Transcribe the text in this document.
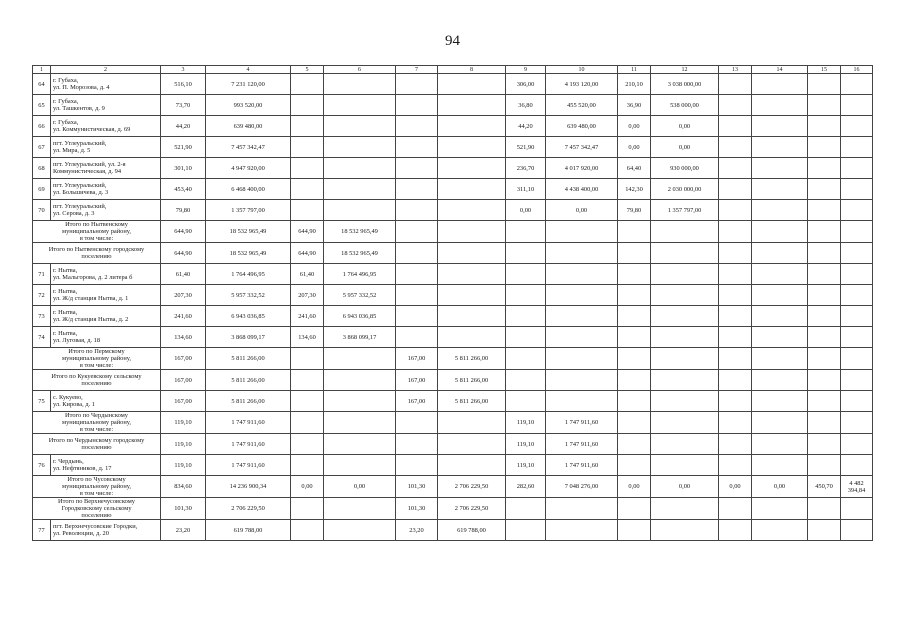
94
1	2	3	4	5	6	7	8	9	10	11	12	13	14	15	16
64	г. Губаха,
ул. П. Морозова, д. 4	516,10	7 231 120,00					306,00	4 193 120,00	210,10	3 038 000,00				
65	г. Губаха,
ул. Ташкентов, д. 9	73,70	993 520,00					36,80	455 520,00	36,90	538 000,00				
66	г. Губаха,
ул. Коммунистическая, д. 69	44,20	639 480,00					44,20	639 480,00	0,00	0,00				
67	пгт. Углеуральский,
ул. Мира, д. 5	521,90	7 457 342,47					521,90	7 457 342,47	0,00	0,00				
68	пгт. Углеуральский, ул. 2-я
Коммунистическая, д. 94	301,10	4 947 920,00					236,70	4 017 920,00	64,40	930 000,00				
69	пгт. Углеуральский,
ул. Большичева, д. 3	453,40	6 468 400,00					311,10	4 438 400,00	142,30	2 030 000,00				
70	пгт. Углеуральский,
ул. Серова, д. 3	79,80	1 357 797,00					0,00	0,00	79,80	1 357 797,00				
Итого по Нытвенскому
муниципальному району,
в том числе:		644,90	18 532 965,49	644,90	18 532 965,49										
Итого по Нытвенскому городскому
поселению		644,90	18 532 965,49	644,90	18 532 965,49										
71	г. Нытва,
ул. Мальгорова, д. 2 литера б	61,40	1 764 496,95	61,40	1 764 496,95										
72	г. Нытва,
ул. Ж/д станция Нытва, д. 1	207,30	5 957 332,52	207,30	5 957 332,52										
73	г. Нытва,
ул. Ж/д станция Нытва, д. 2	241,60	6 943 036,85	241,60	6 943 036,85										
74	г. Нытва,
ул. Луговая, д. 18	134,60	3 868 099,17	134,60	3 868 099,17										
Итого по Пермскому
муниципальному району,
в том числе:		167,00	5 811 266,00			167,00	5 811 266,00								
Итого по Кукуевскому сельскому
поселению		167,00	5 811 266,00			167,00	5 811 266,00								
75	с. Кукуево,
ул. Кирова, д. 1	167,00	5 811 266,00			167,00	5 811 266,00								
Итого по Чердынскому
муниципальному району,
в том числе:		119,10	1 747 911,60					119,10	1 747 911,60						
Итого по Чердынскому городскому
поселению		119,10	1 747 911,60					119,10	1 747 911,60						
76	г. Чердынь,
ул. Нефтяников, д. 17	119,10	1 747 911,60					119,10	1 747 911,60						
Итого по Чусовскому
муниципальному району,
в том числе:		834,60	14 236 900,34	0,00	0,00	101,30	2 706 229,50	282,60	7 048 276,00	0,00	0,00	0,00	0,00	450,70	4 482 394,84
Итого по Верхнечусовскому
Городковскому сельскому
поселению		101,30	2 706 229,50			101,30	2 706 229,50								
77	пгт. Верхнечусовские Городки,
ул. Революции, д. 20	23,20	619 788,00			23,20	619 788,00								
